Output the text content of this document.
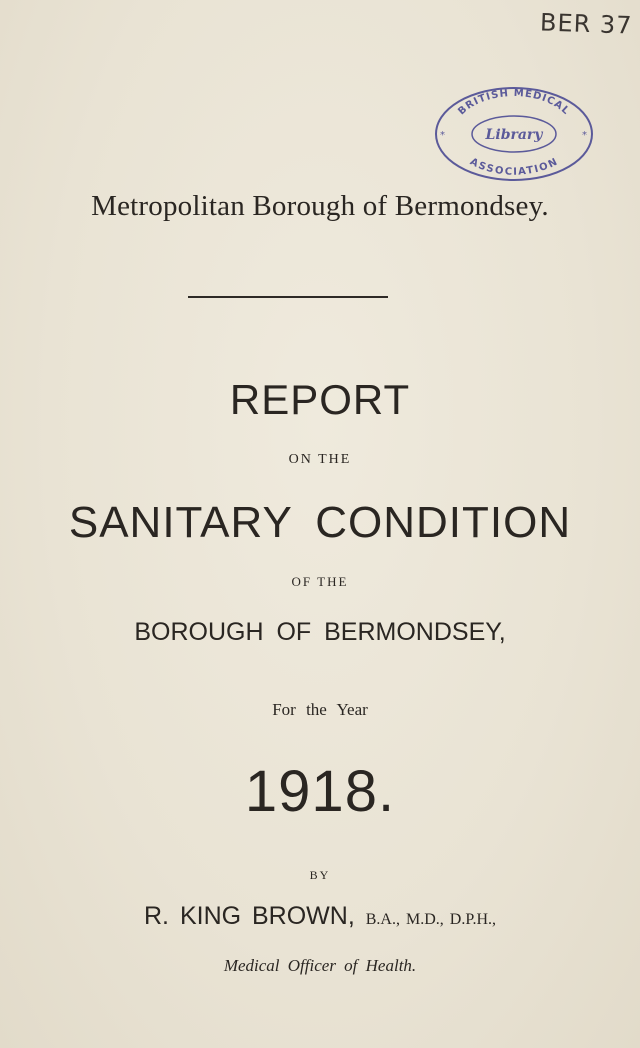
BER 37
BRITISH MEDICAL
ASSOCIATION
Library
*	*
Metropolitan Borough of Bermondsey.
REPORT
ON THE
SANITARY CONDITION
OF THE
BOROUGH OF BERMONDSEY,
For the Year
1918.
BY
R. KING BROWN, B.A., M.D., D.P.H.,
Medical Officer of Health.
